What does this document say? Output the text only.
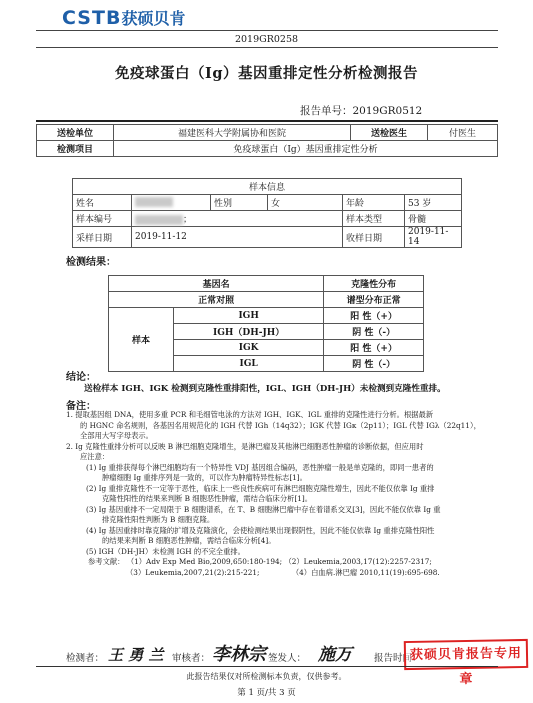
CSTB获硕贝肯
2019GR0258
免疫球蛋白（Ig）基因重排定性分析检测报告
报告单号：2019GR0512
送检单位	福建医科大学附属协和医院	送检医生	付医生
检测项目	免疫球蛋白（Ig）基因重排定性分析		
样本信息					
姓名		性别	女	年龄	53 岁
样本编号	；			样本类型	骨髓
采样日期	2019-11-12			收样日期	2019-11-14
检测结果：
基因名		克隆性分布
正常对照		谱型分布正常
样本	IGH	阳 性（+）
	IGH（DH-JH）	阴 性（-）
	IGK	阳 性（+）
	IGL	阴 性（-）
结论：
送检样本 IGH、IGK 检测到克隆性重排阳性，IGL、IGH（DH-JH）未检测到克隆性重排。
备注：
1. 提取基因组 DNA，使用多重 PCR 和毛细管电泳的方法对 IGH、IGK、IGL 重排的克隆性进行分析。根据最新
的 HGNC 命名规则，各基因名用规范化的 IGH 代替 IGh（14q32）；IGK 代替 IGκ（2p11）；IGL 代替 IGλ（22q11），
全部用大写字母表示。
2. Ig 克隆性重排分析可以反映 B 淋巴细胞克隆增生，是淋巴瘤及其他淋巴细胞恶性肿瘤的诊断依据，但应用时
应注意：
(1) Ig 重排获得每个淋巴细胞均有一个特异性 VDJ 基因组合编码，恶性肿瘤一般是单克隆的，即同一患者的
肿瘤细胞 Ig 重排序列是一致的，可以作为肿瘤特异性标志[1]。
(2) Ig 重排克隆性不一定等于恶性，临床上一些良性疾病可有淋巴细胞克隆性增生，因此不能仅依靠 Ig 重排
克隆性阳性的结果来判断 B 细胞恶性肿瘤，需结合临床分析[1]。
(3) Ig 基因重排不一定局限于 B 细胞谱系，在 T、B 细胞淋巴瘤中存在着谱系交叉[3]，因此不能仅依靠 Ig 重
排克隆性阳性判断为 B 细胞克隆。
(4) Ig 基因重排时靠克隆的扩增及克隆演化，会使检测结果出现假阴性，因此不能仅依靠 Ig 重排克隆性阳性
的结果来判断 B 细胞恶性肿瘤，需结合临床分析[4]。
(5) IGH（DH-JH）未检测 IGH 的不完全重排。
参考文献： （1）Adv Exp Med Bio,2009,650:180-194; （2）Leukemia,2003,17(12):2257-2317;
（3）Leukemia,2007,21(2):215-221;	（4）白血病.淋巴瘤 2010,11(19):695-698.
检测者： 王 勇 兰 审核者： 李林宗 签发人： 施万 报告时间：
获硕贝肯报告专用章
此报告结果仅对所检测标本负责，仅供参考。
第 1 页/共 3 页
